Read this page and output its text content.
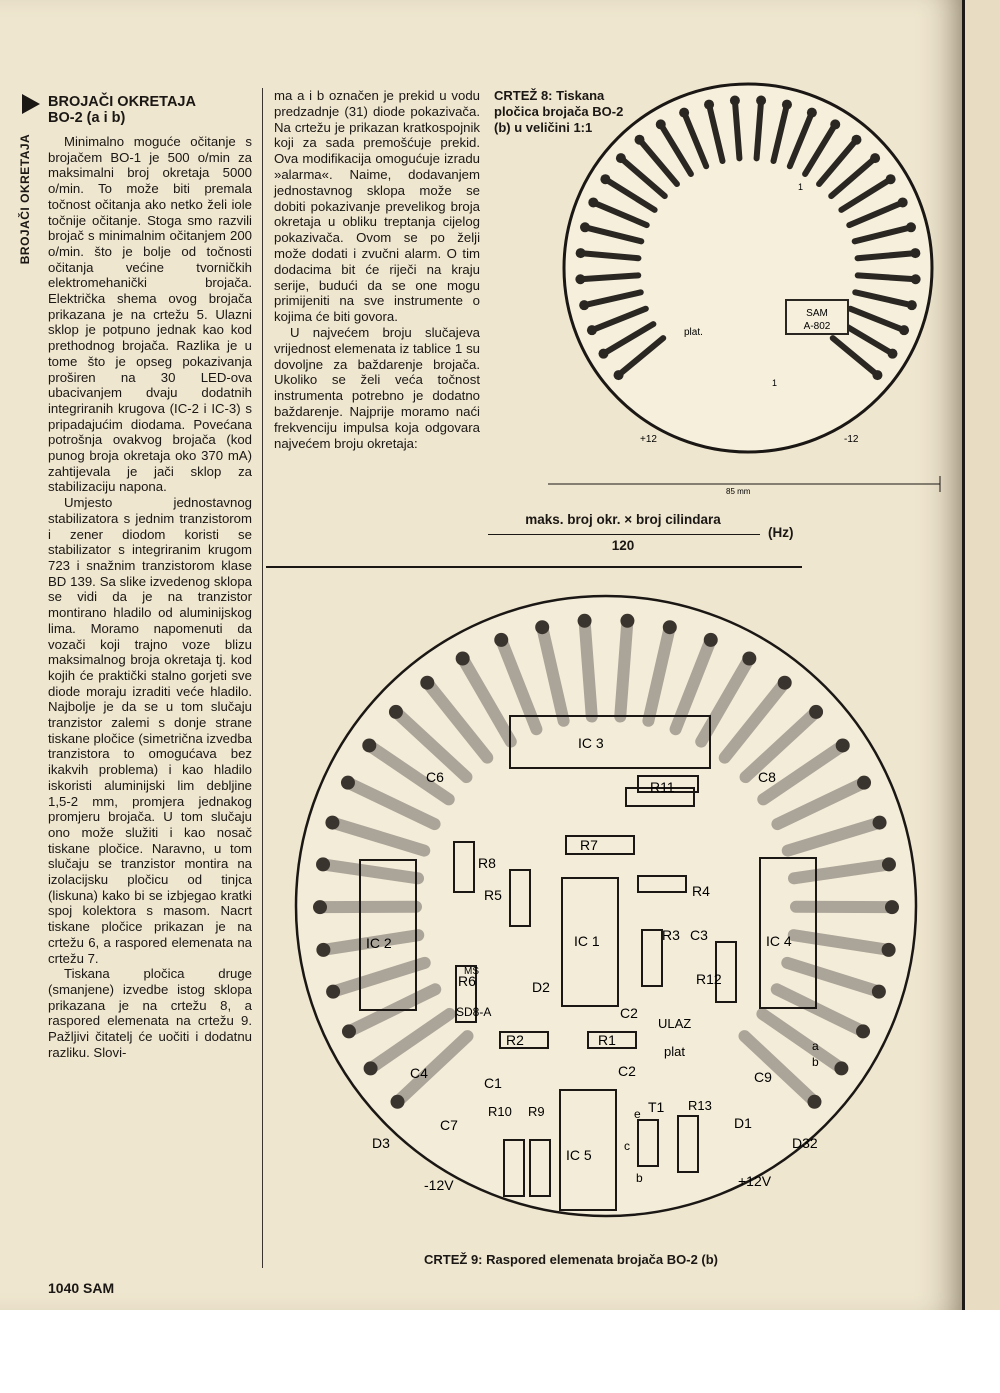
BROJAČI OKRETAJA
BROJAČI OKRETAJA
BO-2 (a i b)

Minimalno moguće očitanje s brojačem BO-1 je 500 o/min za maksimalni broj okretaja 5000 o/min. To može biti premala točnost očitanja ako netko želi iole točnije očitanje. Stoga smo razvili brojač s minimalnim očitanjem 200 o/min. što je bolje od točnosti očitanja većine tvorničkih elektromehanički brojača. Električka shema ovog brojača prikazana je na crtežu 5. Ulazni sklop je potpuno jednak kao kod prethodnog brojača. Razlika je u tome što je opseg pokazivanja proširen na 30 LED-ova ubacivanjem dvaju dodatnih integriranih krugova (IC-2 i IC-3) s pripadajućim diodama. Povećana potrošnja ovakvog brojača (kod punog broja okretaja oko 370 mA) zahtijevala je jači sklop za stabilizaciju napona.

Umjesto jednostavnog stabilizatora s jednim tranzistorom i zener diodom koristi se stabilizator s integriranim krugom 723 i snažnim tranzistorom klase BD 139. Sa slike izvedenog sklopa se vidi da je na tranzistor montirano hladilo od aluminijskog lima. Moramo napomenuti da vozači koji trajno voze blizu maksimalnog broja okretaja tj. kod kojih će praktički stalno gorjeti sve diode moraju izraditi veće hladilo. Najbolje je da se u tom slučaju tranzistor zalemi s donje strane tiskane pločice (simetrična izvedba tranzistora to omogućava bez ikakvih problema) i kao hladilo iskoristi aluminijski lim debljine 1,5-2 mm, promjera jednakog promjeru brojača. U tom slučaju ono može služiti i kao nosač tiskane pločice. Naravno, u tom slučaju se tranzistor montira na izolacijsku pločicu od tinjca (liskuna) kako bi se izbjegao kratki spoj kolektora s masom. Nacrt tiskane pločice prikazan je na crtežu 6, a raspored elemenata na crtežu 7.

Tiskana pločica druge (smanjene) izvedbe istog sklopa prikazana je na crtežu 8, a raspored elemenata na crtežu 9. Pažljivi čitatelj će uočiti i dodatnu razliku. Slovi-

ma a i b označen je prekid u vodu predzadnje (31) diode pokazivača. Na crtežu je prikazan kratkospojnik koji za sada premošćuje prekid. Ova modifikacija omogućuje izradu »alarma«. Naime, dodavanjem jednostavnog sklopa može se dobiti pokazivanje prevelikog broja okretaja u obliku treptanja cijelog pokazivača. Ovom se po želji može dodati i zvučni alarm. O tim dodacima bit će riječi na kraju serije, budući da se one mogu primijeniti na sve instrumente o kojima će biti govora.

U najvećem broju slučajeva vrijednost elemenata iz tablice 1 su dovoljne za baždarenje brojača. Ukoliko se želi veća točnost instrumenta potrebno je dodatno baždarenje. Najprije moramo naći frekvenciju impulsa koja odgovara najvećem broju okretaja:

CRTEŽ 8: Tiskana pločica brojača BO-2 (b) u veličini 1:1
SAM
A-802
plat.
+12	-12
1
1
85 mm
maks. broj okr. × broj cilindara
120
(Hz)
IC 3
IC 2	IC 1	IC 4
IC 5
R7
R11
R8
R5	R4
R3 C3
R12
R6
MS
SD8-A
D2
C2
R2	R1
ULAZ
plat
C1
C2
C4
C6	C8
C9
C7
R10 R9	R13
T1
e
c
b
D1
D3	D32
a
b
-12V	+12V
CRTEŽ 9: Raspored elemenata brojača BO-2 (b)
1040 SAM
